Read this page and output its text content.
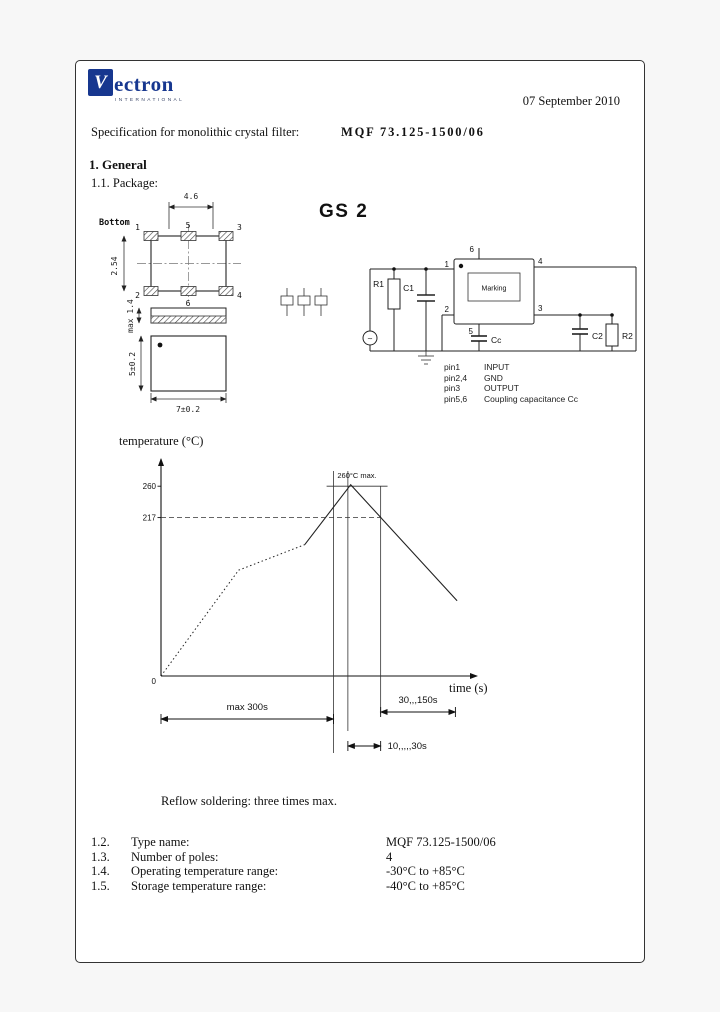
V ectron
INTERNATIONAL	07 September 2010
Specification for monolithic crystal filter:	MQF 73.125-1500/06
1. General
1.1. Package:
GS 2
Bottom
4.6
1	5	3
2
6
4
2.54
max 1.4
5±0.2
7±0.2
~
R1 C1	Marking
1
2
6
5
3
4
Cc	C2 R2
pin1	INPUT
pin2,4	GND
pin3	OUTPUT
pin5,6	Coupling capacitance Cc
temperature (°C)
time (s)
260
217
0
260°C max.
max 300s
30,,,150s
10,,,,,30s
Reflow soldering: three times max.
1.2.	Type name:	MQF 73.125-1500/06
1.3.	Number of poles:	4
1.4.	Operating temperature range:	-30°C to +85°C
1.5.	Storage temperature range:	-40°C to +85°C
